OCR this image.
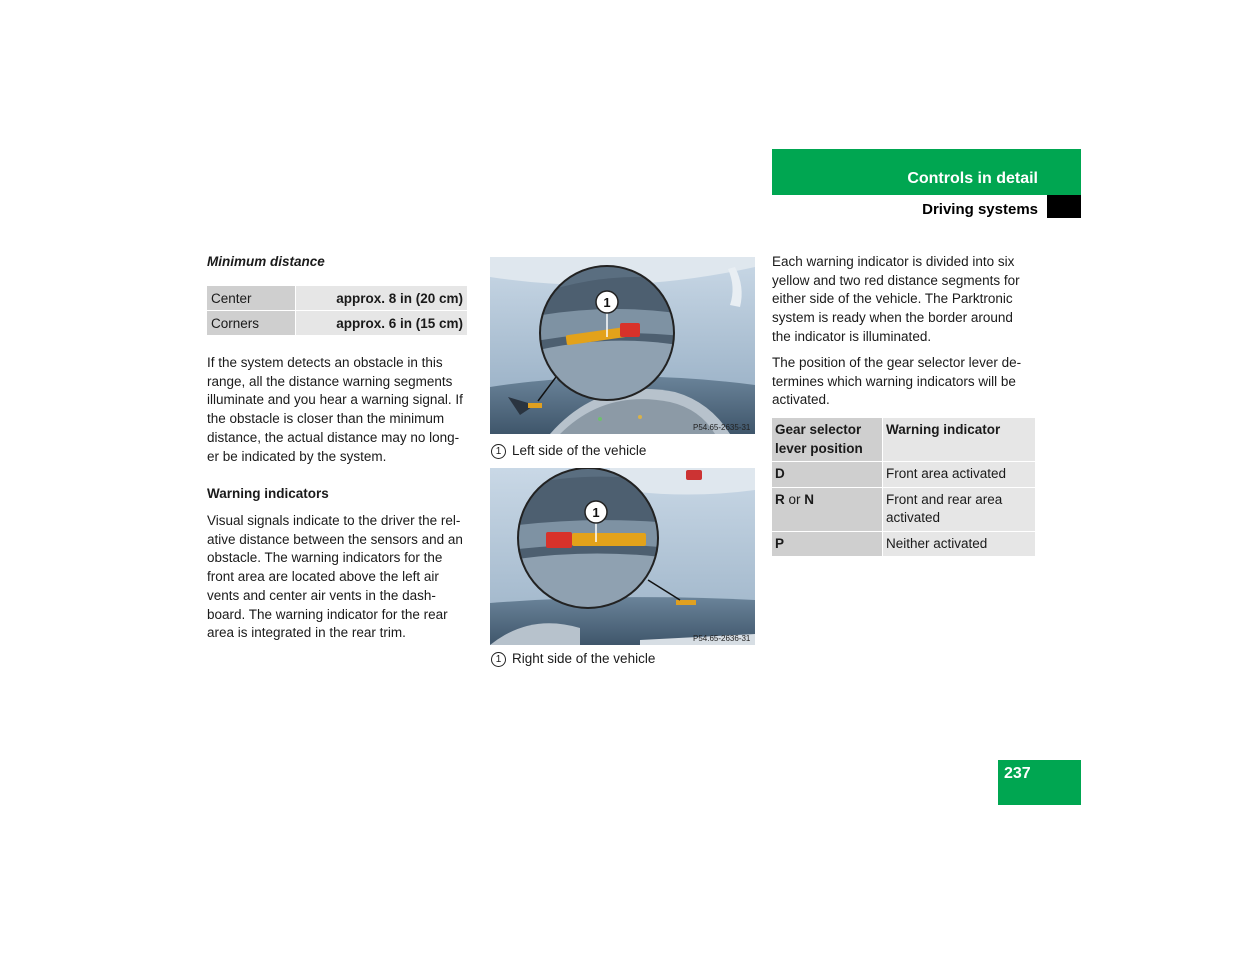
Controls in detail
Driving systems
Minimum distance
Center	approx. 8 in (20 cm)
Corners	approx. 6 in (15 cm)
If the system detects an obstacle in this
range, all the distance warning segments
illuminate and you hear a warning signal. If
the obstacle is closer than the minimum
distance, the actual distance may no long-
er be indicated by the system.
Warning indicators
Visual signals indicate to the driver the rel-
ative distance between the sensors and an
obstacle. The warning indicators for the
front area are located above the left air
vents and center air vents in the dash-
board. The warning indicator for the rear
area is integrated in the rear trim.
P54.65-2635-31
1
1 Left side of the vehicle
P54.65-2636-31
1
1 Right side of the vehicle
Each warning indicator is divided into six
yellow and two red distance segments for
either side of the vehicle. The Parktronic
system is ready when the border around
the indicator is illuminated.
The position of the gear selector lever de-
termines which warning indicators will be
activated.
Gear selector
lever position	Warning indicator
D	Front area activated

R or N	Front and rear area
activated

P	Neither activated
237
